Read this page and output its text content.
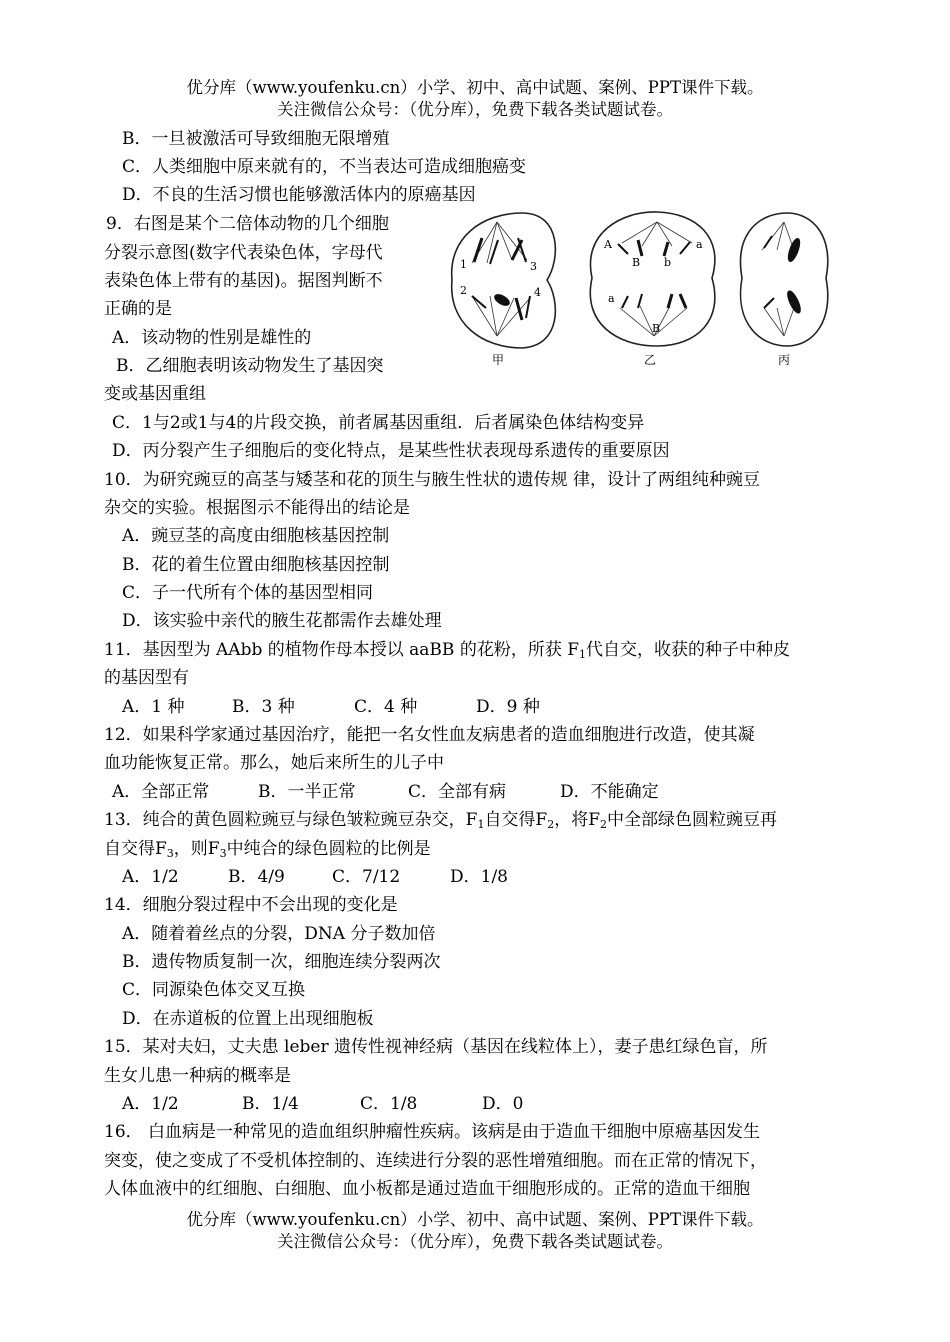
优分库（www.youfenku.cn）小学、初中、高中试题、案例、PPT课件下载。
关注微信公众号：（优分库），免费下载各类试题试卷。
B．一旦被激活可导致细胞无限增殖
C．人类细胞中原来就有的，不当表达可造成细胞癌变
D．不良的生活习惯也能够激活体内的原癌基因
9．右图是某个二倍体动物的几个细胞
分裂示意图(数字代表染色体，字母代
表染色体上带有的基因)。据图判断不
正确的是
A．该动物的性别是雄性的
B．乙细胞表明该动物发生了基因突
变或基因重组
C．1与2或1与4的片段交换，前者属基因重组．后者属染色体结构变异
D．丙分裂产生子细胞后的变化特点，是某些性状表现母系遗传的重要原因
1	3
2	4
A
B b
a
a
B
甲	乙	丙
10．为研究豌豆的高茎与矮茎和花的顶生与腋生性状的遗传规 律，设计了两组纯种豌豆
杂交的实验。根据图示不能得出的结论是
A．豌豆茎的高度由细胞核基因控制
B．花的着生位置由细胞核基因控制
C．子一代所有个体的基因型相同
D．该实验中亲代的腋生花都需作去雄处理
11．基因型为 AAbb 的植物作母本授以 aaBB 的花粉，所获 $F_1$代自交，收获的种子中种皮
的基因型有
A．1 种	B．3 种	C．4 种	D．9 种
12．如果科学家通过基因治疗，能把一名女性血友病患者的造血细胞进行改造，使其凝
血功能恢复正常。那么，她后来所生的儿子中
A．全部正常	B．一半正常	C．全部有病	D．不能确定
13．纯合的黄色圆粒豌豆与绿色皱粒豌豆杂交，$F_1$自交得$F_2$，将$F_2$中全部绿色圆粒豌豆再
自交得$F_3$，则$F_3$中纯合的绿色圆粒的比例是
A．1/2	B．4/9	C．7/12	D．1/8
14．细胞分裂过程中不会出现的变化是
A．随着着丝点的分裂，DNA 分子数加倍
B．遗传物质复制一次，细胞连续分裂两次
C．同源染色体交叉互换
D．在赤道板的位置上出现细胞板
15．某对夫妇，丈夫患 leber 遗传性视神经病（基因在线粒体上），妻子患红绿色盲，所
生女儿患一种病的概率是
A．1/2	B．1/4	C．1/8	D．0
16． 白血病是一种常见的造血组织肿瘤性疾病。该病是由于造血干细胞中原癌基因发生
突变，使之变成了不受机体控制的、连续进行分裂的恶性增殖细胞。而在正常的情况下，
人体血液中的红细胞、白细胞、血小板都是通过造血干细胞形成的。正常的造血干细胞
优分库（www.youfenku.cn）小学、初中、高中试题、案例、PPT课件下载。
关注微信公众号：（优分库），免费下载各类试题试卷。
